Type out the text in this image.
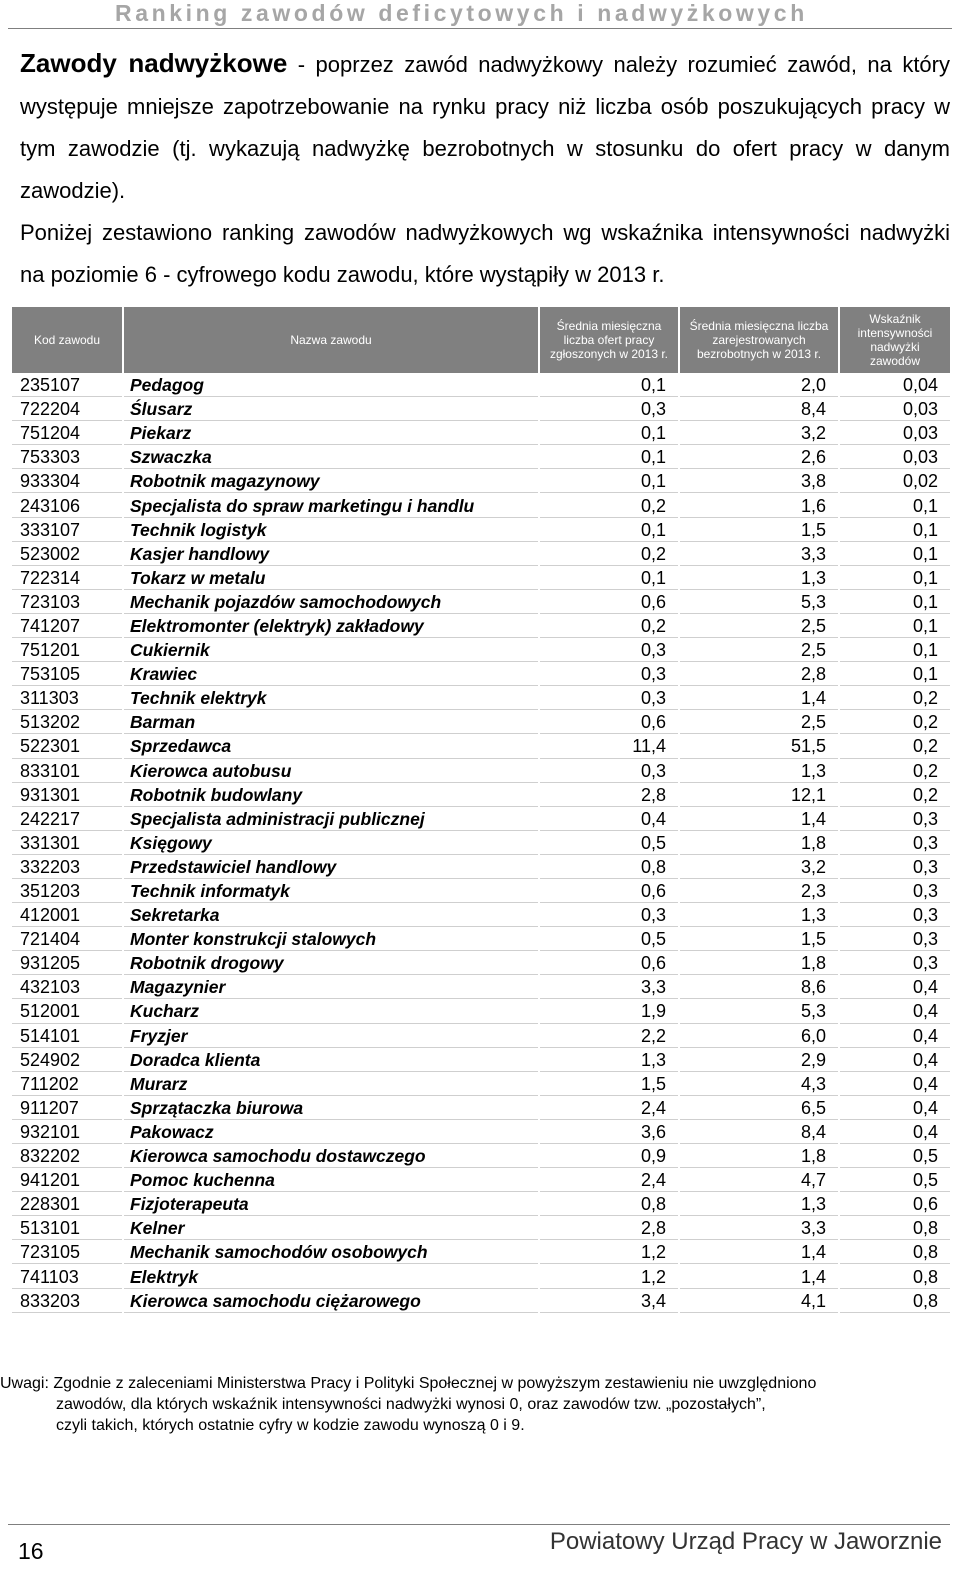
Ranking zawodów deficytowych i nadwyżkowych

Zawody nadwyżkowe - poprzez zawód nadwyżkowy należy rozumieć zawód, na który występuje mniejsze zapotrzebowanie na rynku pracy niż liczba osób poszukujących pracy w tym zawodzie (tj. wykazują nadwyżkę bezrobotnych w stosunku do ofert pracy w danym zawodzie).

Poniżej zestawiono ranking zawodów nadwyżkowych wg wskaźnika intensywności nadwyżki na poziomie 6 - cyfrowego kodu zawodu, które wystąpiły w 2013 r.

Kod zawodu	Nazwa zawodu	Średnia miesięczna liczba ofert pracy zgłoszonych w 2013 r.	Średnia miesięczna liczba zarejestrowanych bezrobotnych w 2013 r.	Wskaźnik intensywności nadwyżki zawodów
235107	Pedagog	0,1	2,0	0,04
722204	Ślusarz	0,3	8,4	0,03
751204	Piekarz	0,1	3,2	0,03
753303	Szwaczka	0,1	2,6	0,03
933304	Robotnik magazynowy	0,1	3,8	0,02
243106	Specjalista do spraw marketingu i handlu	0,2	1,6	0,1
333107	Technik logistyk	0,1	1,5	0,1
523002	Kasjer handlowy	0,2	3,3	0,1
722314	Tokarz w metalu	0,1	1,3	0,1
723103	Mechanik pojazdów samochodowych	0,6	5,3	0,1
741207	Elektromonter (elektryk) zakładowy	0,2	2,5	0,1
751201	Cukiernik	0,3	2,5	0,1
753105	Krawiec	0,3	2,8	0,1
311303	Technik elektryk	0,3	1,4	0,2
513202	Barman	0,6	2,5	0,2
522301	Sprzedawca	11,4	51,5	0,2
833101	Kierowca autobusu	0,3	1,3	0,2
931301	Robotnik budowlany	2,8	12,1	0,2
242217	Specjalista administracji publicznej	0,4	1,4	0,3
331301	Księgowy	0,5	1,8	0,3
332203	Przedstawiciel handlowy	0,8	3,2	0,3
351203	Technik informatyk	0,6	2,3	0,3
412001	Sekretarka	0,3	1,3	0,3
721404	Monter konstrukcji stalowych	0,5	1,5	0,3
931205	Robotnik drogowy	0,6	1,8	0,3
432103	Magazynier	3,3	8,6	0,4
512001	Kucharz	1,9	5,3	0,4
514101	Fryzjer	2,2	6,0	0,4
524902	Doradca klienta	1,3	2,9	0,4
711202	Murarz	1,5	4,3	0,4
911207	Sprzątaczka biurowa	2,4	6,5	0,4
932101	Pakowacz	3,6	8,4	0,4
832202	Kierowca samochodu dostawczego	0,9	1,8	0,5
941201	Pomoc kuchenna	2,4	4,7	0,5
228301	Fizjoterapeuta	0,8	1,3	0,6
513101	Kelner	2,8	3,3	0,8
723105	Mechanik samochodów osobowych	1,2	1,4	0,8
741103	Elektryk	1,2	1,4	0,8
833203	Kierowca samochodu ciężarowego	3,4	4,1	0,8
Uwagi: Zgodnie z zaleceniami Ministerstwa Pracy i Polityki Społecznej w powyższym zestawieniu nie uwzględniono
zawodów, dla których wskaźnik intensywności nadwyżki wynosi 0, oraz zawodów tzw. „pozostałych”,
czyli takich, których ostatnie cyfry w kodzie zawodu wynoszą 0 i 9.
16	Powiatowy Urząd Pracy w Jaworznie
